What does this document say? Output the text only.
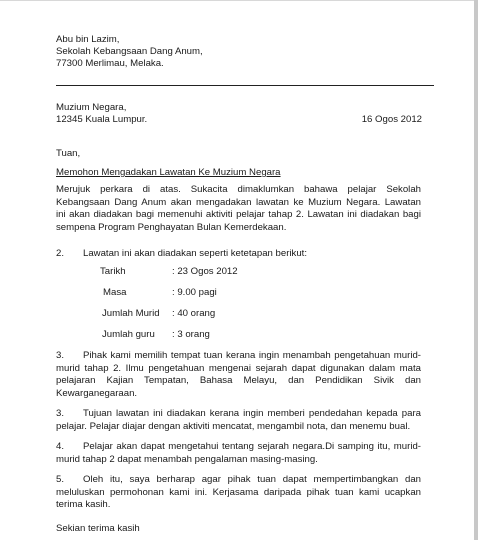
Abu bin Lazim,
Sekolah Kebangsaan Dang Anum,
77300 Merlimau, Melaka.
Muzium Negara,
12345 Kuala Lumpur.	16 Ogos 2012
Tuan,
Memohon Mengadakan Lawatan Ke Muzium Negara
Merujuk perkara di atas. Sukacita dimaklumkan bahawa pelajar Sekolah
Kebangsaan Dang Anum akan mengadakan lawatan ke Muzium Negara. Lawatan
ini akan diadakan bagi memenuhi aktiviti pelajar tahap 2. Lawatan ini diadakan bagi
sempena Program Penghayatan Bulan Kemerdekaan.
2. Lawatan ini akan diadakan seperti ketetapan berikut:
Tarikh	: 23 Ogos 2012
Masa	: 9.00 pagi
Jumlah Murid : 40 orang
Jumlah guru : 3 orang
3. Pihak kami memilih tempat tuan kerana ingin menambah pengetahuan murid-
murid tahap 2. Ilmu pengetahuan mengenai sejarah dapat digunakan dalam mata
pelajaran Kajian Tempatan, Bahasa Melayu, dan Pendidikan Sivik dan
Kewarganegaraan.
3. Tujuan lawatan ini diadakan kerana ingin memberi pendedahan kepada para
pelajar. Pelajar diajar dengan aktiviti mencatat, mengambil nota, dan menemu bual.
4. Pelajar akan dapat mengetahui tentang sejarah negara.Di samping itu, murid-
murid tahap 2 dapat menambah pengalaman masing-masing.
5. Oleh itu, saya berharap agar pihak tuan dapat mempertimbangkan dan
meluluskan permohonan kami ini. Kerjasama daripada pihak tuan kami ucapkan
terima kasih.
Sekian terima kasih
